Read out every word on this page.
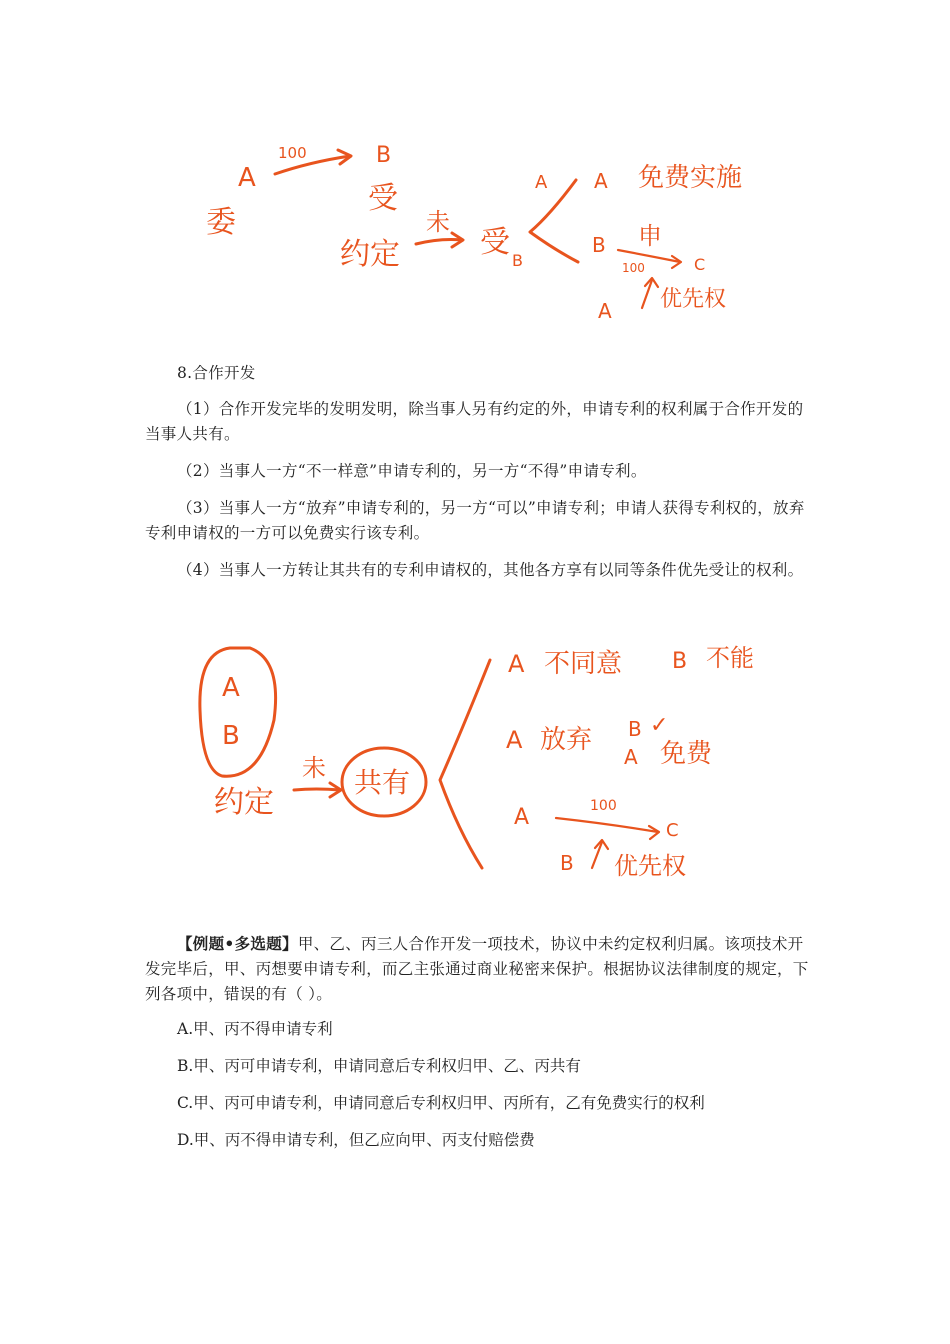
A
100	B
委
受
约定
未
受
B
A A 免费实施
B 申
100	C
A 优先权
8.合作开发
（1）合作开发完毕的发明发明，除当事人另有约定的外，申请专利的权利属于合作开发的当事人共有。
（2）当事人一方“不一样意”申请专利的，另一方“不得”申请专利。
（3）当事人一方“放弃”申请专利的，另一方“可以”申请专利；申请人获得专利权的，放弃专利申请权的一方可以免费实行该专利。
（4）当事人一方转让其共有的专利申请权的，其他各方享有以同等条件优先受让的权利。
A
B
约定
未 共有
A 不同意 B 不能
A 放弃 B ✓
A 免费
A	100
C
B 优先权
【例题•多选题】甲、乙、丙三人合作开发一项技术，协议中未约定权利归属。该项技术开发完毕后，甲、丙想要申请专利，而乙主张通过商业秘密来保护。根据协议法律制度的规定，下列各项中，错误的有（ ）。
A.甲、丙不得申请专利
B.甲、丙可申请专利，申请同意后专利权归甲、乙、丙共有
C.甲、丙可申请专利，申请同意后专利权归甲、丙所有，乙有免费实行的权利
D.甲、丙不得申请专利，但乙应向甲、丙支付赔偿费
